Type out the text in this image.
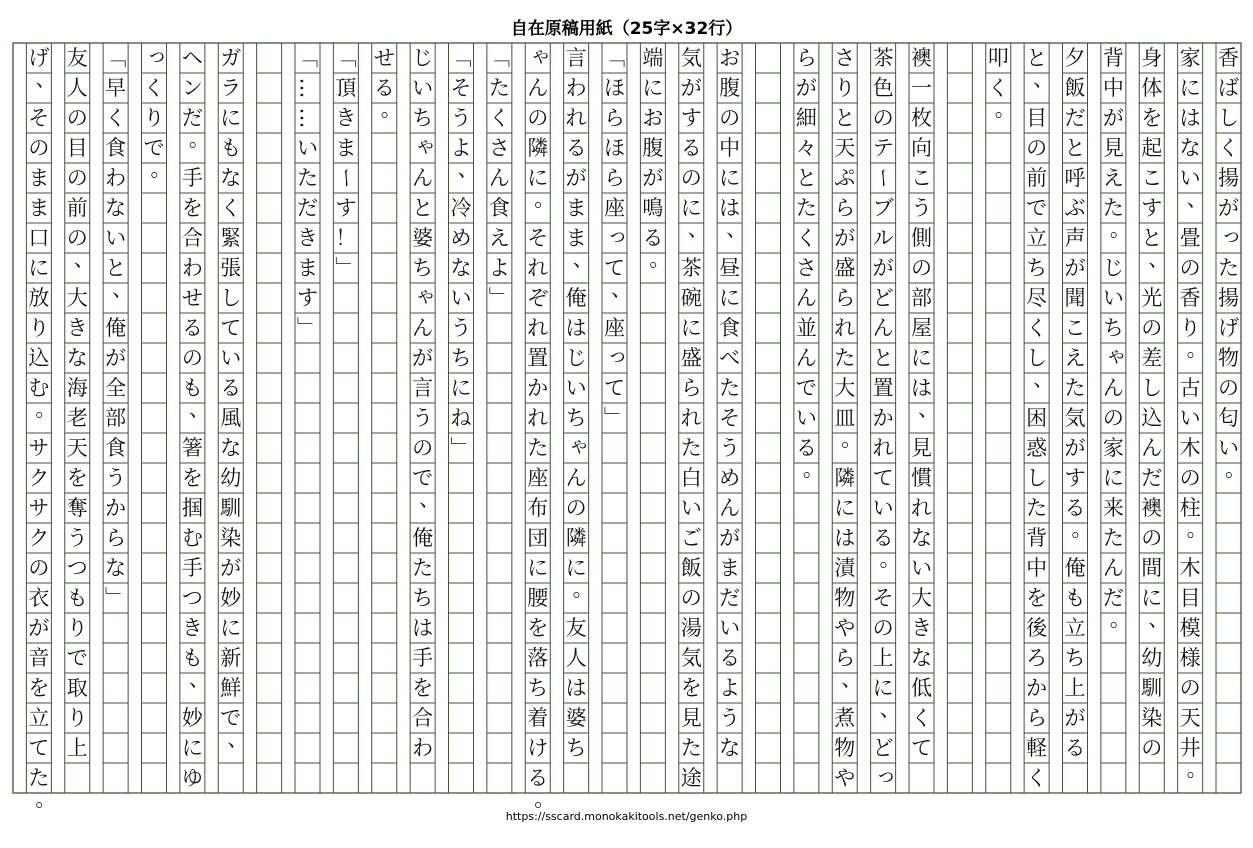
自在原稿用紙（25字×32行）
香
ば
し
く
揚
が
っ
た
揚
げ
物
の
匂
い
。
家
に
は
な
い
、
畳
の
香
り
。
古
い
木
の
柱
。
木
目
模
様
の
天
井
。
身
体
を
起
こ
す
と
、
光
の
差
し
込
ん
だ
襖
の
間
に
、
幼
馴
染
の
背
中
が
見
え
た
。
じ
い
ち
ゃ
ん
の
家
に
来
た
ん
だ
。
夕
飯
だ
と
呼
ぶ
声
が
聞
こ
え
た
気
が
す
る
。
俺
も
立
ち
上
が
る
と
、
目
の
前
で
立
ち
尽
く
し
、
困
惑
し
た
背
中
を
後
ろ
か
ら
軽
く
叩
く
。
襖
一
枚
向
こ
う
側
の
部
屋
に
は
、
見
慣
れ
な
い
大
き
な
低
く
て
茶
色
の
テ
ー
ブ
ル
が
ど
ん
と
置
か
れ
て
い
る
。
そ
の
上
に
、
ど
っ
さ
り
と
天
ぷ
ら
が
盛
ら
れ
た
大
皿
。
隣
に
は
漬
物
や
ら
、
煮
物
や
ら
が
細
々
と
た
く
さ
ん
並
ん
で
い
る
。
お
腹
の
中
に
は
、
昼
に
食
べ
た
そ
う
め
ん
が
ま
だ
い
る
よ
う
な
気
が
す
る
の
に
、
茶
碗
に
盛
ら
れ
た
白
い
ご
飯
の
湯
気
を
見
た
途
端
に
お
腹
が
鳴
る
。
﹁
ほ
ら
ほ
ら
座
っ
て
、
座
っ
て
﹂
言
わ
れ
る
が
ま
ま
、
俺
は
じ
い
ち
ゃ
ん
の
隣
に
。
友
人
は
婆
ち
ゃ
ん
の
隣
に
。
そ
れ
ぞ
れ
置
か
れ
た
座
布
団
に
腰
を
落
ち
着
け
る
。
﹁
た
く
さ
ん
食
え
よ
﹂
﹁
そ
う
よ
、
冷
め
な
い
う
ち
に
ね
﹂
じ
い
ち
ゃ
ん
と
婆
ち
ゃ
ん
が
言
う
の
で
、
俺
た
ち
は
手
を
合
わ
せ
る
。
﹁
頂
き
ま
ー
す
！
﹂
﹁
…
…
い
た
だ
き
ま
す
﹂
ガ
ラ
に
も
な
く
緊
張
し
て
い
る
風
な
幼
馴
染
が
妙
に
新
鮮
で
、
ヘ
ン
だ
。
手
を
合
わ
せ
る
の
も
、
箸
を
掴
む
手
つ
き
も
、
妙
に
ゆ
っ
く
り
で
。
﹁
早
く
食
わ
な
い
と
、
俺
が
全
部
食
う
か
ら
な
﹂
友
人
の
目
の
前
の
、
大
き
な
海
老
天
を
奪
う
つ
も
り
で
取
り
上
げ
、
そ
の
ま
ま
口
に
放
り
込
む
。
サ
ク
サ
ク
の
衣
が
音
を
立
て
た
。
https://sscard.monokakitools.net/genko.php
